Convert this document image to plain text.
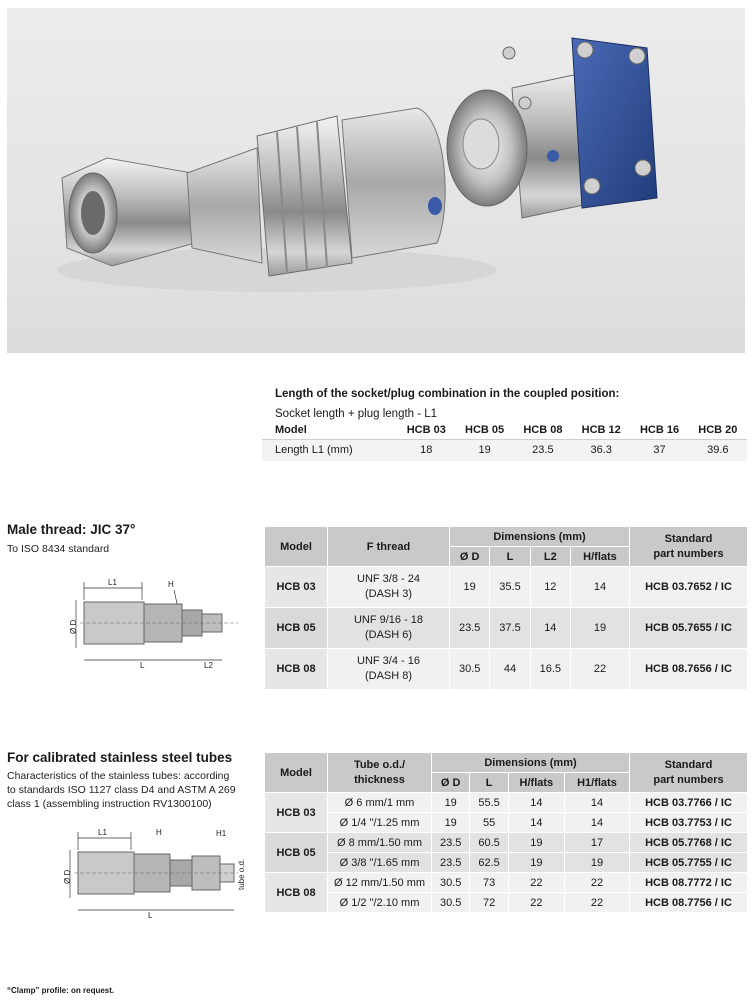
Length of the socket/plug combination in the coupled position:
Socket length + plug length - L1
Model	HCB 03	HCB 05	HCB 08	HCB 12	HCB 16	HCB 20
Length L1 (mm)	18	19	23.5	36.3	37	39.6
Male thread: JIC 37°
To ISO 8434 standard
L1	H
Ø D
L	L2
Model	F thread	Dimensions (mm)				Standard
part numbers

		Ø D	L	L2	H/flats	
HCB 03	UNF 3/8 - 24
(DASH 3)	19	35.5	12	14	HCB 03.7652 / IC
HCB 05	UNF 9/16 - 18
(DASH 6)	23.5	37.5	14	19	HCB 05.7655 / IC
HCB 08	UNF 3/4 - 16
(DASH 8)	30.5	44	16.5	22	HCB 08.7656 / IC
For calibrated stainless steel tubes
Characteristics of the stainless tubes: according
to standards ISO 1127 class D4 and ASTM A 269
class 1 (assembling instruction RV1300100)
L1	H	H1
Ø D	tube o.d.
L
Model	Tube o.d./
thickness	Dimensions (mm)				Standard
part numbers

		Ø D	L	H/flats	H1/flats	
HCB 03	Ø 6 mm/1 mm	19	55.5	14	14	HCB 03.7766 / IC
	Ø 1/4 "/1.25 mm	19	55	14	14	HCB 03.7753 / IC
HCB 05	Ø 8 mm/1.50 mm	23.5	60.5	19	17	HCB 05.7768 / IC
	Ø 3/8 "/1.65 mm	23.5	62.5	19	19	HCB 05.7755 / IC
HCB 08	Ø 12 mm/1.50 mm	30.5	73	22	22	HCB 08.7772 / IC
	Ø 1/2 "/2.10 mm	30.5	72	22	22	HCB 08.7756 / IC
“Clamp” profile: on request.
